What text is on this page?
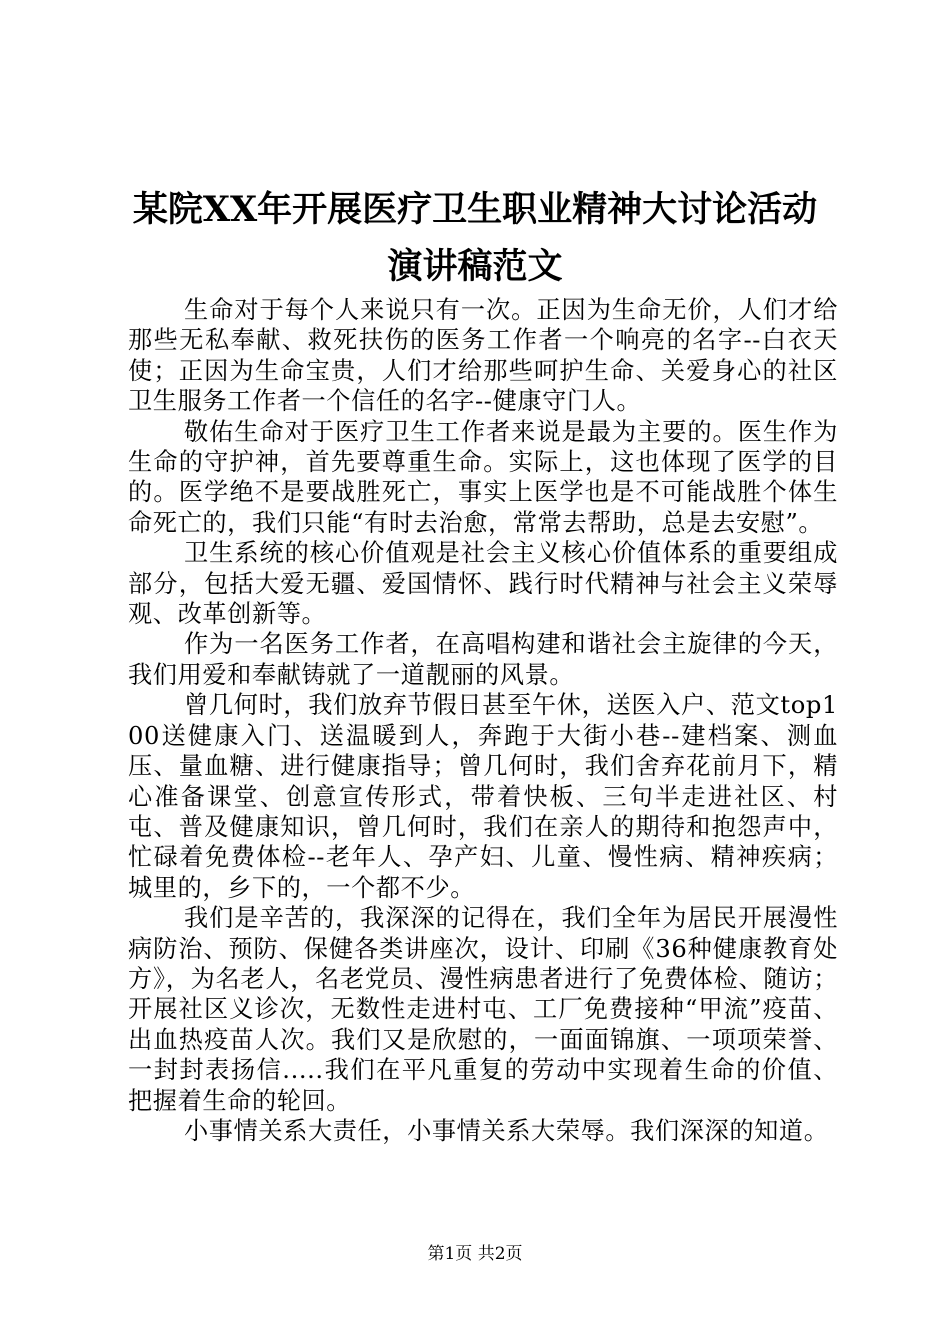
某院XX年开展医疗卫生职业精神大讨论活动
演讲稿范文

生命对于每个人来说只有一次。正因为生命无价，人们才给那些无私奉献、救死扶伤的医务工作者一个响亮的名字--白衣天使；正因为生命宝贵，人们才给那些呵护生命、关爱身心的社区卫生服务工作者一个信任的名字--健康守门人。

敬佑生命对于医疗卫生工作者来说是最为主要的。医生作为生命的守护神，首先要尊重生命。实际上，这也体现了医学的目的。医学绝不是要战胜死亡，事实上医学也是不可能战胜个体生命死亡的，我们只能“有时去治愈，常常去帮助，总是去安慰”。

卫生系统的核心价值观是社会主义核心价值体系的重要组成部分，包括大爱无疆、爱国情怀、践行时代精神与社会主义荣辱观、改革创新等。

作为一名医务工作者，在高唱构建和谐社会主旋律的今天，我们用爱和奉献铸就了一道靓丽的风景。

曾几何时，我们放弃节假日甚至午休，送医入户、范文top100送健康入门、送温暖到人，奔跑于大街小巷--建档案、测血压、量血糖、进行健康指导；曾几何时，我们舍弃花前月下，精心准备课堂、创意宣传形式，带着快板、三句半走进社区、村屯、普及健康知识，曾几何时，我们在亲人的期待和抱怨声中，忙碌着免费体检--老年人、孕产妇、儿童、慢性病、精神疾病；城里的，乡下的，一个都不少。

我们是辛苦的，我深深的记得在，我们全年为居民开展漫性病防治、预防、保健各类讲座次，设计、印刷《36种健康教育处方》，为名老人，名老党员、漫性病患者进行了免费体检、随访；开展社区义诊次，无数性走进村屯、工厂免费接种“甲流”疫苗、出血热疫苗人次。我们又是欣慰的，一面面锦旗、一项项荣誉、一封封表扬信.....我们在平凡重复的劳动中实现着生命的价值、把握着生命的轮回。

小事情关系大责任，小事情关系大荣辱。我们深深的知道。

第1页 共2页
